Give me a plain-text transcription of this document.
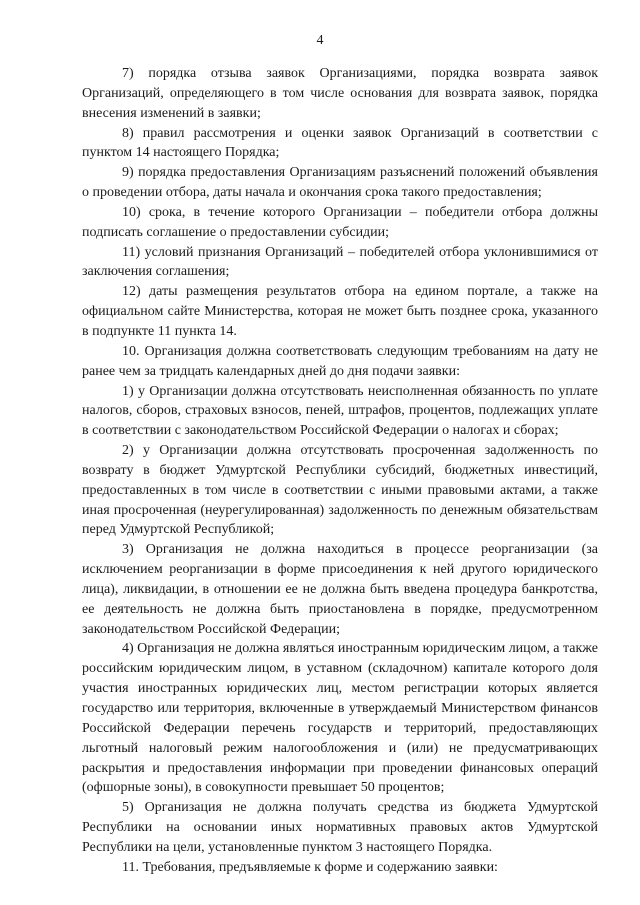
4

7) порядка отзыва заявок Организациями, порядка возврата заявок Организаций, определяющего в том числе основания для возврата заявок, порядка внесения изменений в заявки;

8) правил рассмотрения и оценки заявок Организаций в соответствии с пунктом 14 настоящего Порядка;

9) порядка предоставления Организациям разъяснений положений объявления о проведении отбора, даты начала и окончания срока такого предоставления;

10) срока, в течение которого Организации – победители отбора должны подписать соглашение о предоставлении субсидии;

11) условий признания Организаций – победителей отбора уклонившимися от заключения соглашения;

12) даты размещения результатов отбора на едином портале, а также на официальном сайте Министерства, которая не может быть позднее срока, указанного в подпункте 11 пункта 14.

10. Организация должна соответствовать следующим требованиям на дату не ранее чем за тридцать календарных дней до дня подачи заявки:

1) у Организации должна отсутствовать неисполненная обязанность по уплате налогов, сборов, страховых взносов, пеней, штрафов, процентов, подлежащих уплате в соответствии с законодательством Российской Федерации о налогах и сборах;

2) у Организации должна отсутствовать просроченная задолженность по возврату в бюджет Удмуртской Республики субсидий, бюджетных инвестиций, предоставленных в том числе в соответствии с иными правовыми актами, а также иная просроченная (неурегулированная) задолженность по денежным обязательствам перед Удмуртской Республикой;

3) Организация не должна находиться в процессе реорганизации (за исключением реорганизации в форме присоединения к ней другого юридического лица), ликвидации, в отношении ее не должна быть введена процедура банкротства, ее деятельность не должна быть приостановлена в порядке, предусмотренном законодательством Российской Федерации;

4) Организация не должна являться иностранным юридическим лицом, а также российским юридическим лицом, в уставном (складочном) капитале которого доля участия иностранных юридических лиц, местом регистрации которых является государство или территория, включенные в утверждаемый Министерством финансов Российской Федерации перечень государств и территорий, предоставляющих льготный налоговый режим налогообложения и (или) не предусматривающих раскрытия и предоставления информации при проведении финансовых операций (офшорные зоны), в совокупности превышает 50 процентов;

5) Организация не должна получать средства из бюджета Удмуртской Республики на основании иных нормативных правовых актов Удмуртской Республики на цели, установленные пунктом 3 настоящего Порядка.

11. Требования, предъявляемые к форме и содержанию заявки:
